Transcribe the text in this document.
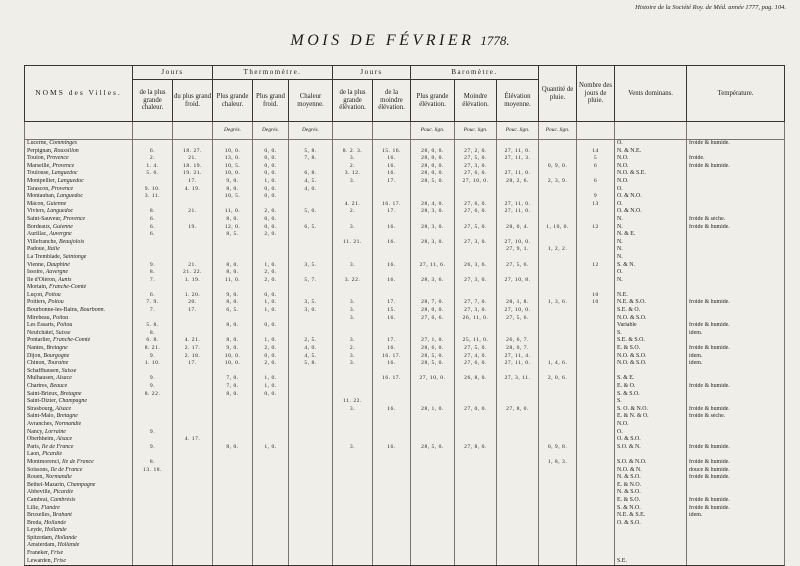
Histoire de la Société Roy. de Méd. année 1777, pag. 104.
MOIS DE FÉVRIER 1778.
NOMS des Villes.	Jours		Thermomètre.			Jours		Baromètre.			Quantité de pluie.	Nombre des jours de pluie.	Vents dominans.	Température.
	de la plus grande chaleur.	du plus grand froid.	Plus grande chaleur.	Plus grand froid.	Chaleur moyenne.	de la plus grande élévation.	de la moindre élévation.	Plus grande élévation.	Moindre élévation.	Élévation moyenne.				
			Degrés.	Degrés.	Degrés.			Pouc. lign.	Pouc. lign.	Pouc. lign.	Pouc. lign.			
Lucerne, Comminges													O.	froide & humide.
Perpignan, Roussillon	6.	18. 27.	10, 0.	0, 0.	5, 8.	8. 2. 3.	15. 16.	28, 0, 0.	27, 2, 0.	27, 11, 0.		14	N. & N.E.	
Toulon, Provence	2.	21.	13, 0.	0, 0.	7, 8.	3.	16.	28, 0, 0.	27, 5, 0.	27, 11, 3.		5	N.O.	froide.
Marseille, Provence	1. 4.	18. 19.	10, 5.	0, 0.		2.	16.	28, 0, 0.	27, 3, 0.		0, 9, 0.	6	N.O.	froide & humide.
Toulouse, Languedoc	5. 6.	19. 21.	10, 0.	0, 0.	6, 8.	3. 12.	16.	28, 0, 0.	27, 6, 0.	27, 11, 0.			N.O. & S.E.	
Montpellier, Languedoc		17.	9, 0.	1, 0.	4, 5.	3.	17.	28, 5, 0.	27, 10, 0.	28, 2, 6.	2, 3, 9.	6	N.O.	
Tarascon, Provence	9. 10.	4. 19.	8, 0.	0, 0.	4, 0.								O.	
Montauban, Languedoc	3. 11.		10, 5.	0, 0.								9	O. & N.O.	
Mâcon, Guienne						4. 21.	16. 17.	28, 4, 0.	27, 6, 0.	27, 11, 0.		13	O.	
Viviers, Languedoc	8.	21.	11, 0.	2, 0.	5, 0.	2.	17.	28, 3, 0.	27, 6, 0.	27, 11, 0.			O. & N.O.	
Saint-Sauveur, Provence	6.		8, 0.	0, 0.									N.	froide & sèche.
Bordeaux, Guienne	6.	19.	12, 0.	0, 0.	6, 5.	3.	16.	28, 3, 0.	27, 5, 0.	28, 0, 4.	1, 10, 0.	12	N.	froide & humide.
Aurillac, Auvergne	6.		8, 5.	2, 0.									N. & E.	
Villefranche, Beaujolois						11. 21.	16.	28, 3, 0.	27, 3, 0.	27, 10, 0.			N.	
Padoue, Italie										27, 9, 1.	1, 2, 2.		N.	
La Tremblade, Saintonge													N.	
Vienne, Dauphiné	9.	21.	8, 0.	1, 0.	3, 5.	3.	16.	27, 11, 6.	26, 3, 6.	27, 5, 6.		12	S. & N.	
Issoire, Auvergne	8.	21. 22.	8, 0.	2, 0.									O.	
Ile d'Oléron, Aunis	7.	1. 19.	11, 0.	2, 0.	5, 7.	3. 22.	16.	28, 3, 6.	27, 3, 0.	27, 10, 8.			N.	
Mortain, Franche-Comté														
Luçon, Poitou	6.	1. 20.	9, 0.	0, 0.								10	N.E.	
Poitiers, Poitou	7. 9.	20.	8, 0.	1, 0.	3, 5.	3.	17.	28, 7, 0.	27, 7, 0.	28, 1, 8.	1, 3, 6.	10	N.E. & S.O.	froide & humide.
Bourbonne-les-Bains, Bourbonn.	7.	17.	6, 5.	1, 0.	3, 0.	3.	15.	28, 0, 0.	27, 3, 0.	27, 10, 0.			S.E. & O.	
Mirebeau, Poitou						3.	16.	27, 6, 6.	26, 11, 0.	27, 5, 6.			N.O. & S.O.	
Les Essarts, Poitou	5. 8.		8, 0.	0, 0.									Variable	froide & humide.
Neufchâtel, Suisse	8.												S.	idem.
Pontarlier, Franche-Comté	6. 8.	4. 21.	8, 0.	1, 0.	2, 5.	3.	17.	27, 1, 0.	25, 11, 0.	26, 6, 7.			S.E. & S.O.	
Nantes, Bretagne	8. 21.	2. 17.	9, 0.	2, 0.	4, 0.	2.	16.	28, 6, 0.	27, 5, 0.	28, 0, 7.			E. & S.O.	froide & humide.
Dijon, Bourgogne	9.	2. 18.	10, 0.	0, 0.	4, 5.	3.	16. 17.	28, 5, 0.	27, 4, 0.	27, 11, 4.			N.O. & S.O.	idem.
Chinon, Touraine	1. 10.	17.	10, 0.	2, 0.	5, 8.	3.	16.	28, 5, 0.	27, 6, 0.	27, 11, 0.	1, 4, 6.		N.O. & S.O.	idem.
Schaffhausen, Suisse														
Mulhausen, Alsace	9.		7, 0.	1, 0.			16. 17.	27, 10, 0.	26, 8, 0.	27, 3, 11.	2, 0, 6.		S. & E.	
Chartres, Beauce	9.		7, 0.	1, 0.									E. & O.	froide & humide.
Saint-Brieux, Bretagne	8. 22.		8, 0.	0, 0.									S. & S.O.	
Saint-Dizier, Champagne						11. 22.							S.	
Strasbourg, Alsace						3.	16.	28, 1, 0.	27, 0, 0.	27, 8, 0.			S. O. & N.O.	froide & humide.
Saint-Malo, Bretagne													E. & N. & O.	froide & sèche.
Avranches, Normandie													N.O.	
Nancy, Lorraine	9.												O.	
Oberhheim, Alsace		4. 17.											O. & S.O.	
Paris, Ile de France	9.		8, 0.	1, 0.		3.	16.	28, 5, 0.	27, 8, 0.		0, 9, 8.		S.O. & N.	froide & humide.
Laon, Picardie														
Montmorenci, Ile de France	8.										1, 8, 3.		S.O. & N.O.	froide & humide.
Soissons, Ile de France	13. 18.												N.O. & N.	douce & humide.
Rouen, Normandie													N. & S.O.	froide & humide.
Bethel-Mazarin, Champagne													E. & N.O.	
Abbeville, Picardie													N. & S.O.	
Cambrai, Cambrésis													E. & S.O.	froide & humide.
Lille, Flandre													S. & N.O.	froide & humide.
Bruxelles, Brabant													N.E. & S.E.	idem.
Breda, Hollande													O. & S.O.	
Leyde, Hollande														
Spitzedam, Hollande														
Amsterdam, Hollande														
Franeker, Frise														
Lewarden, Frise													S.E.	
